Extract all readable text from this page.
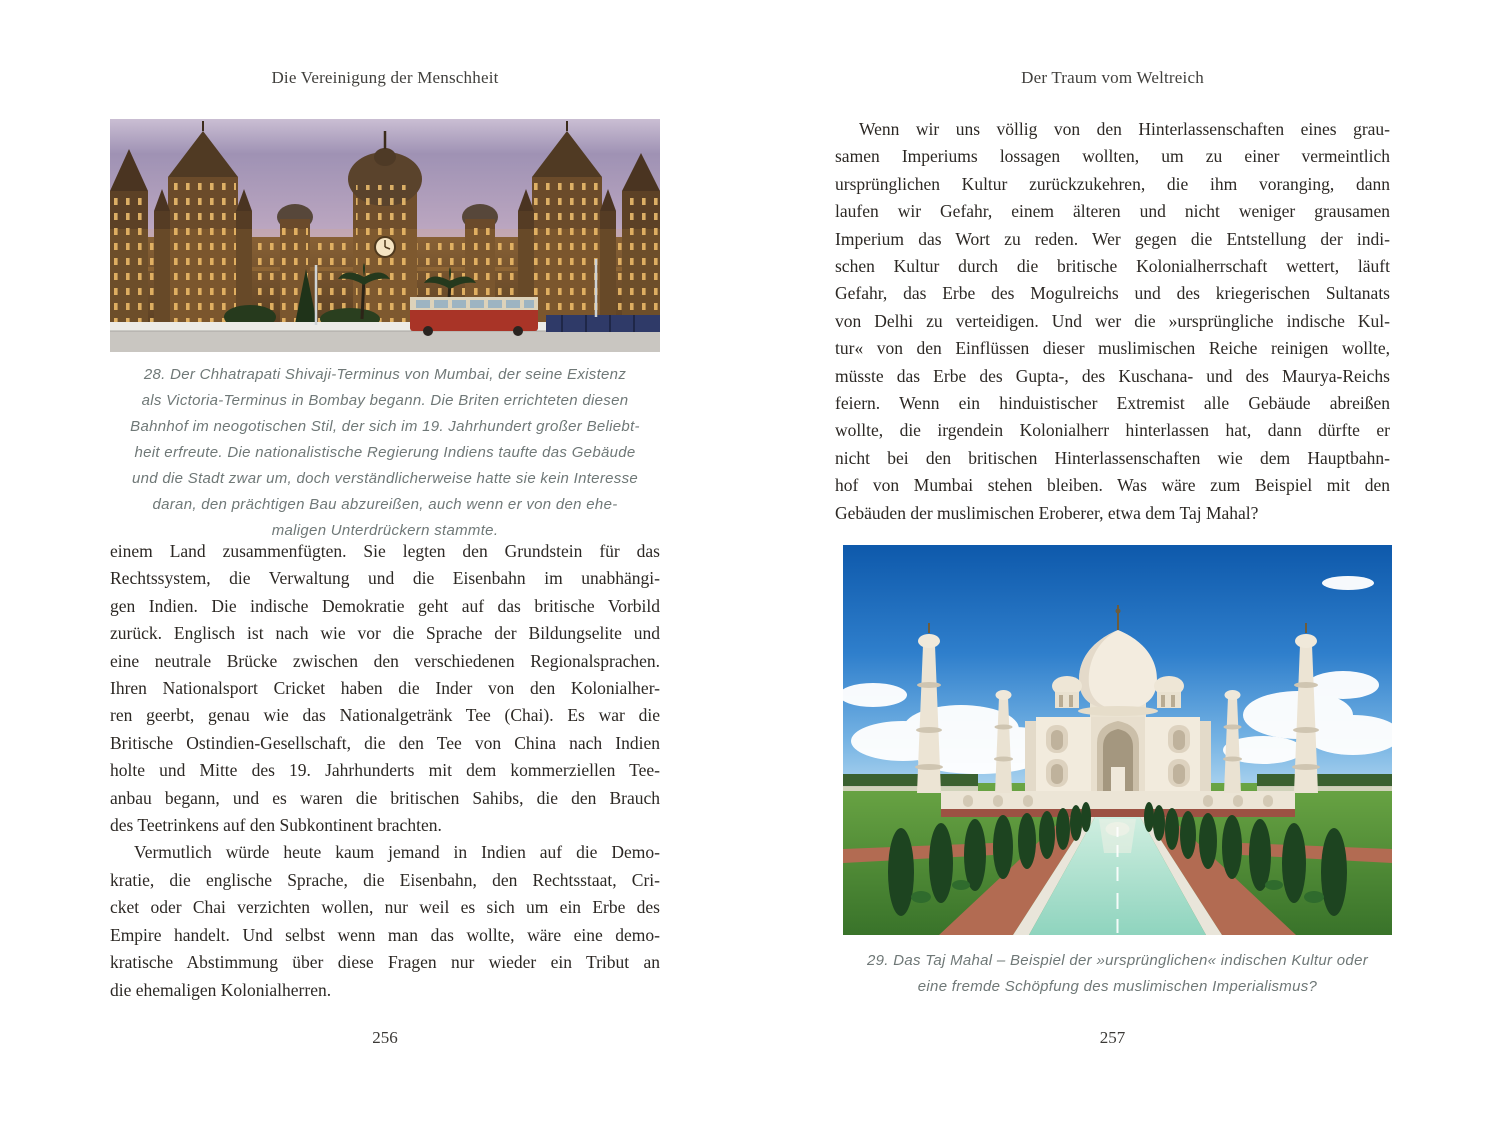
Die Vereinigung der Menschheit
28. Der Chhatrapati Shivaji-Terminus von Mumbai, der seine Existenz
als Victoria-Terminus in Bombay begann. Die Briten errichteten diesen
Bahnhof im neogotischen Stil, der sich im 19. Jahrhundert großer Beliebt-
heit erfreute. Die nationalistische Regierung Indiens taufte das Gebäude
und die Stadt zwar um, doch verständlicherweise hatte sie kein Interesse
daran, den prächtigen Bau abzureißen, auch wenn er von den ehe-
maligen Unterdrückern stammte.
einem Land zusammenfügten. Sie legten den Grundstein für das
Rechtssystem, die Verwaltung und die Eisenbahn im unabhängi-
gen Indien. Die indische Demokratie geht auf das britische Vorbild
zurück. Englisch ist nach wie vor die Sprache der Bildungselite und
eine neutrale Brücke zwischen den verschiedenen Regionalsprachen.
Ihren Nationalsport Cricket haben die Inder von den Kolonialher-
ren geerbt, genau wie das Nationalgetränk Tee (Chai). Es war die
Britische Ostindien-Gesellschaft, die den Tee von China nach Indien
holte und Mitte des 19. Jahrhunderts mit dem kommerziellen Tee-
anbau begann, und es waren die britischen Sahibs, die den Brauch
des Teetrinkens auf den Subkontinent brachten.
Vermutlich würde heute kaum jemand in Indien auf die Demo-
kratie, die englische Sprache, die Eisenbahn, den Rechtsstaat, Cri-
cket oder Chai verzichten wollen, nur weil es sich um ein Erbe des
Empire handelt. Und selbst wenn man das wollte, wäre eine demo-
kratische Abstimmung über diese Fragen nur wieder ein Tribut an
die ehemaligen Kolonialherren.
256
Der Traum vom Weltreich
Wenn wir uns völlig von den Hinterlassenschaften eines grau-
samen Imperiums lossagen wollten, um zu einer vermeintlich
ursprünglichen Kultur zurückzukehren, die ihm voranging, dann
laufen wir Gefahr, einem älteren und nicht weniger grausamen
Imperium das Wort zu reden. Wer gegen die Entstellung der indi-
schen Kultur durch die britische Kolonialherrschaft wettert, läuft
Gefahr, das Erbe des Mogulreichs und des kriegerischen Sultanats
von Delhi zu verteidigen. Und wer die »ursprüngliche indische Kul-
tur« von den Einflüssen dieser muslimischen Reiche reinigen wollte,
müsste das Erbe des Gupta-, des Kuschana- und des Maurya-Reichs
feiern. Wenn ein hinduistischer Extremist alle Gebäude abreißen
wollte, die irgendein Kolonialherr hinterlassen hat, dann dürfte er
nicht bei den britischen Hinterlassenschaften wie dem Hauptbahn-
hof von Mumbai stehen bleiben. Was wäre zum Beispiel mit den
Gebäuden der muslimischen Eroberer, etwa dem Taj Mahal?
29. Das Taj Mahal – Beispiel der »ursprünglichen« indischen Kultur oder
eine fremde Schöpfung des muslimischen Imperialismus?
257
